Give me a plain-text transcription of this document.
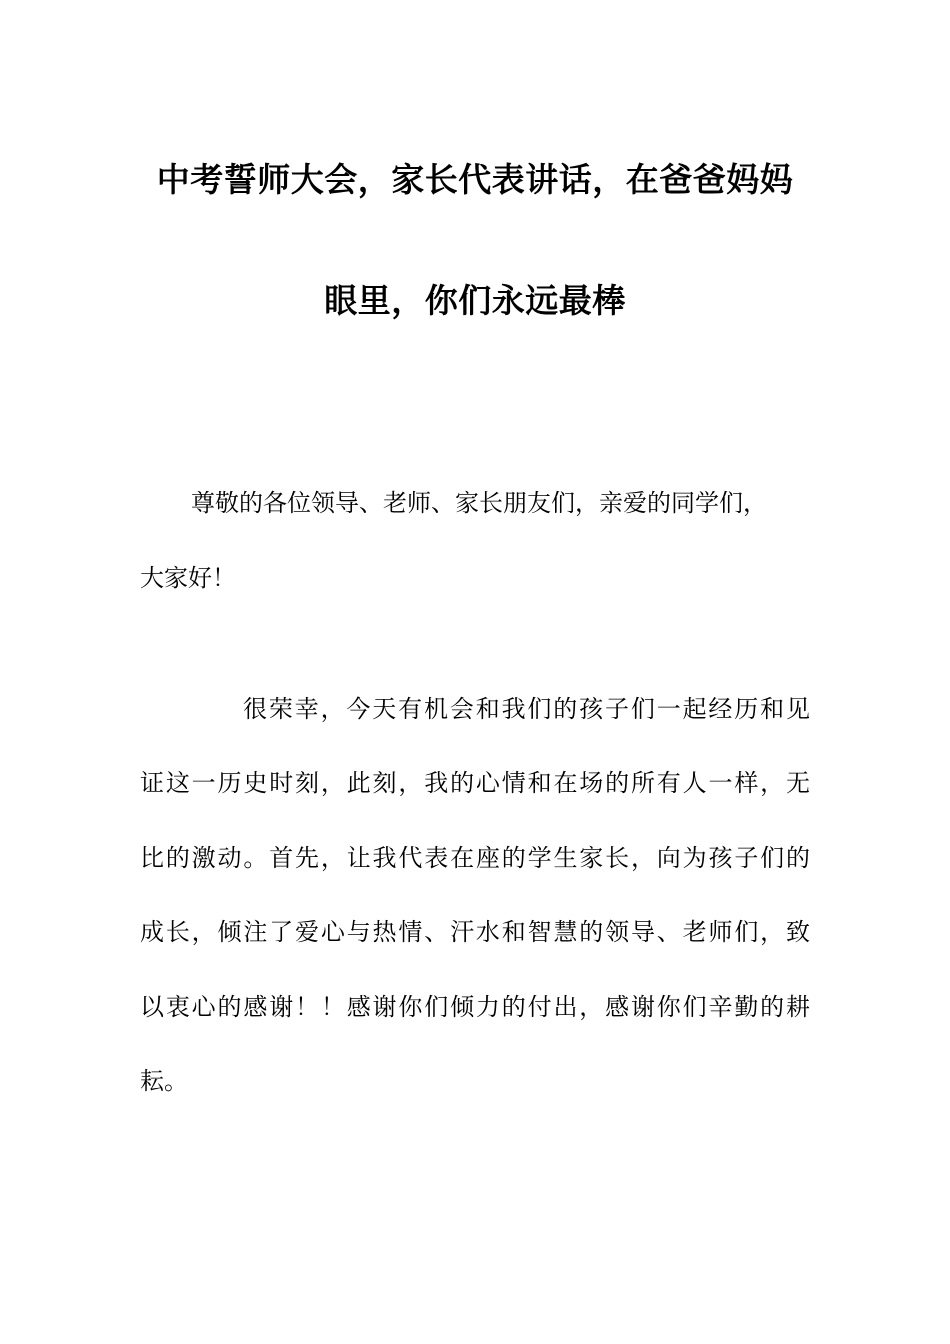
中考誓师大会，家长代表讲话，在爸爸妈妈
眼里，你们永远最棒

尊敬的各位领导、老师、家长朋友们，亲爱的同学们，

大家好！

很荣幸，今天有机会和我们的孩子们一起经历和见

证这一历史时刻，此刻，我的心情和在场的所有人一样，无

比的激动。首先，让我代表在座的学生家长，向为孩子们的

成长，倾注了爱心与热情、汗水和智慧的领导、老师们，致

以衷心的感谢！！感谢你们倾力的付出，感谢你们辛勤的耕

耘。
